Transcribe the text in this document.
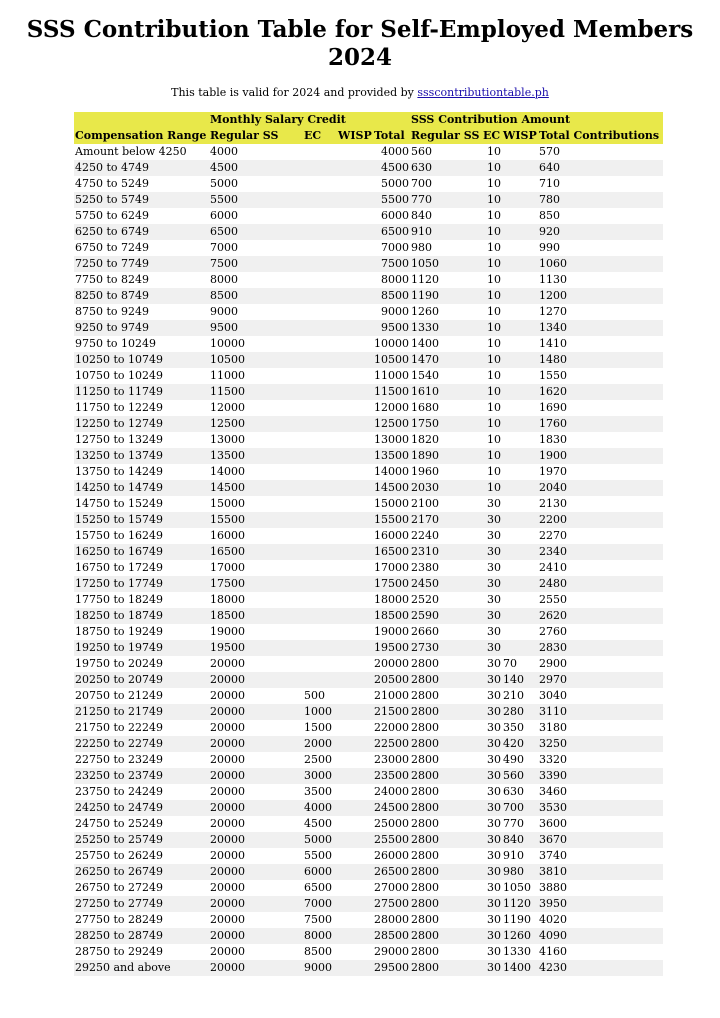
SSS Contribution Table for Self-Employed Members
2024
This table is valid for 2024 and provided by ssscontributiontable.ph
	Monthly Salary Credit				SSS Contribution Amount			
Compensation Range	Regular SS	EC	WISP	Total	Regular SS	EC	WISP	Total Contributions
Amount below 4250	4000			4000	560	10		570
4250 to 4749	4500			4500	630	10		640
4750 to 5249	5000			5000	700	10		710
5250 to 5749	5500			5500	770	10		780
5750 to 6249	6000			6000	840	10		850
6250 to 6749	6500			6500	910	10		920
6750 to 7249	7000			7000	980	10		990
7250 to 7749	7500			7500	1050	10		1060
7750 to 8249	8000			8000	1120	10		1130
8250 to 8749	8500			8500	1190	10		1200
8750 to 9249	9000			9000	1260	10		1270
9250 to 9749	9500			9500	1330	10		1340
9750 to 10249	10000			10000	1400	10		1410
10250 to 10749	10500			10500	1470	10		1480
10750 to 10249	11000			11000	1540	10		1550
11250 to 11749	11500			11500	1610	10		1620
11750 to 12249	12000			12000	1680	10		1690
12250 to 12749	12500			12500	1750	10		1760
12750 to 13249	13000			13000	1820	10		1830
13250 to 13749	13500			13500	1890	10		1900
13750 to 14249	14000			14000	1960	10		1970
14250 to 14749	14500			14500	2030	10		2040
14750 to 15249	15000			15000	2100	30		2130
15250 to 15749	15500			15500	2170	30		2200
15750 to 16249	16000			16000	2240	30		2270
16250 to 16749	16500			16500	2310	30		2340
16750 to 17249	17000			17000	2380	30		2410
17250 to 17749	17500			17500	2450	30		2480
17750 to 18249	18000			18000	2520	30		2550
18250 to 18749	18500			18500	2590	30		2620
18750 to 19249	19000			19000	2660	30		2760
19250 to 19749	19500			19500	2730	30		2830
19750 to 20249	20000			20000	2800	30	70	2900
20250 to 20749	20000			20500	2800	30	140	2970
20750 to 21249	20000	500		21000	2800	30	210	3040
21250 to 21749	20000	1000		21500	2800	30	280	3110
21750 to 22249	20000	1500		22000	2800	30	350	3180
22250 to 22749	20000	2000		22500	2800	30	420	3250
22750 to 23249	20000	2500		23000	2800	30	490	3320
23250 to 23749	20000	3000		23500	2800	30	560	3390
23750 to 24249	20000	3500		24000	2800	30	630	3460
24250 to 24749	20000	4000		24500	2800	30	700	3530
24750 to 25249	20000	4500		25000	2800	30	770	3600
25250 to 25749	20000	5000		25500	2800	30	840	3670
25750 to 26249	20000	5500		26000	2800	30	910	3740
26250 to 26749	20000	6000		26500	2800	30	980	3810
26750 to 27249	20000	6500		27000	2800	30	1050	3880
27250 to 27749	20000	7000		27500	2800	30	1120	3950
27750 to 28249	20000	7500		28000	2800	30	1190	4020
28250 to 28749	20000	8000		28500	2800	30	1260	4090
28750 to 29249	20000	8500		29000	2800	30	1330	4160
29250 and above	20000	9000		29500	2800	30	1400	4230
